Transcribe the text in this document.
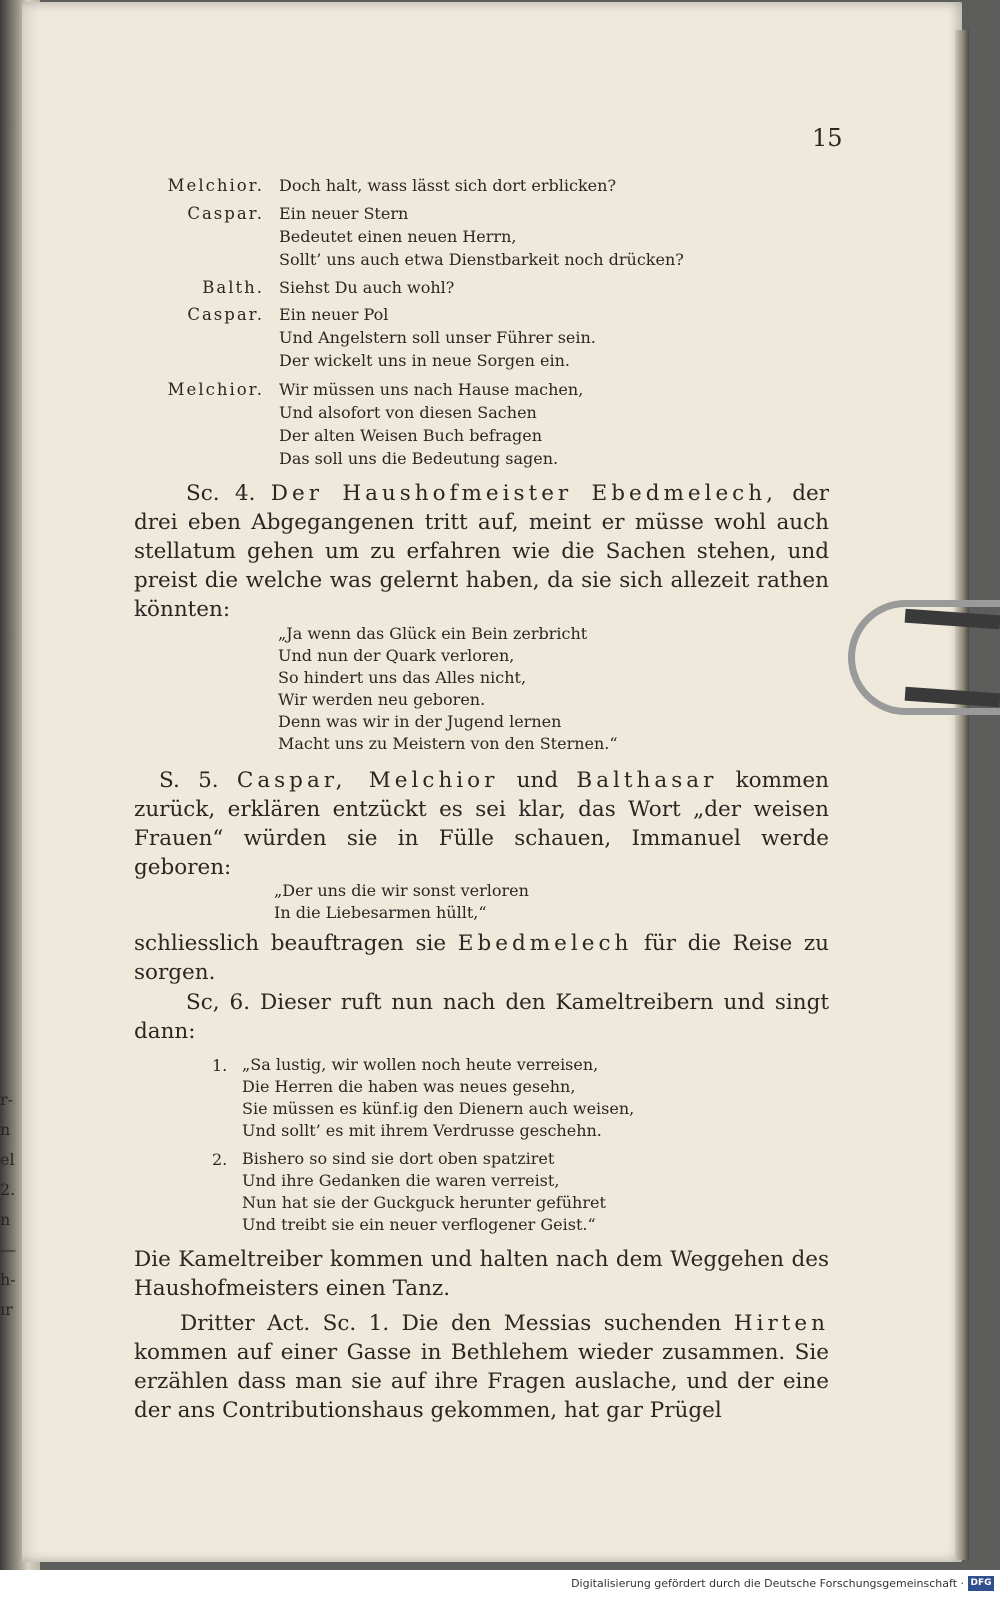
r-
n
el
2.
n
—
h-
ır
15
Melchior. Doch halt, wass lässt sich dort erblicken?
Caspar. Ein neuer Stern
Bedeutet einen neuen Herrn,
Sollt’ uns auch etwa Dienstbarkeit noch drücken?
Balth. Siehst Du auch wohl?
Caspar. Ein neuer Pol
Und Angelstern soll unser Führer sein.
Der wickelt uns in neue Sorgen ein.
Melchior. Wir müssen uns nach Hause machen,
Und alsofort von diesen Sachen
Der alten Weisen Buch befragen
Das soll uns die Bedeutung sagen.
Sc. 4. Der Haushofmeister Ebedmelech, der drei eben Abgegangenen tritt auf, meint er müsse wohl auch stellatum gehen um zu erfahren wie die Sachen stehen, und preist die welche was gelernt haben, da sie sich allezeit rathen könnten:
„Ja wenn das Glück ein Bein zerbricht
Und nun der Quark verloren,
So hindert uns das Alles nicht,
Wir werden neu geboren.
Denn was wir in der Jugend lernen
Macht uns zu Meistern von den Sternen.“
S. 5. Caspar, Melchior und Balthasar kommen zurück, erklären entzückt es sei klar, das Wort „der weisen Frauen“ würden sie in Fülle schauen, Immanuel werde geboren:
„Der uns die wir sonst verloren
In die Liebesarmen hüllt,“
schliesslich beauftragen sie Ebedmelech für die Reise zu sorgen.
Sc, 6. Dieser ruft nun nach den Kameltreibern und singt dann:
1. „Sa lustig, wir wollen noch heute verreisen,
Die Herren die haben was neues gesehn,
Sie müssen es künf.ig den Dienern auch weisen,
Und sollt’ es mit ihrem Verdrusse geschehn.
2. Bishero so sind sie dort oben spatziret
Und ihre Gedanken die waren verreist,
Nun hat sie der Guckguck herunter geführet
Und treibt sie ein neuer verflogener Geist.“
Die Kameltreiber kommen und halten nach dem Weggehen des Haushofmeisters einen Tanz.
Dritter Act. Sc. 1. Die den Messias suchenden Hirten kommen auf einer Gasse in Bethlehem wieder zusammen. Sie erzählen dass man sie auf ihre Fragen auslache, und der eine der ans Contributionshaus gekommen, hat gar Prügel
Digitalisierung gefördert durch die Deutsche Forschungsgemeinschaft · DFG
